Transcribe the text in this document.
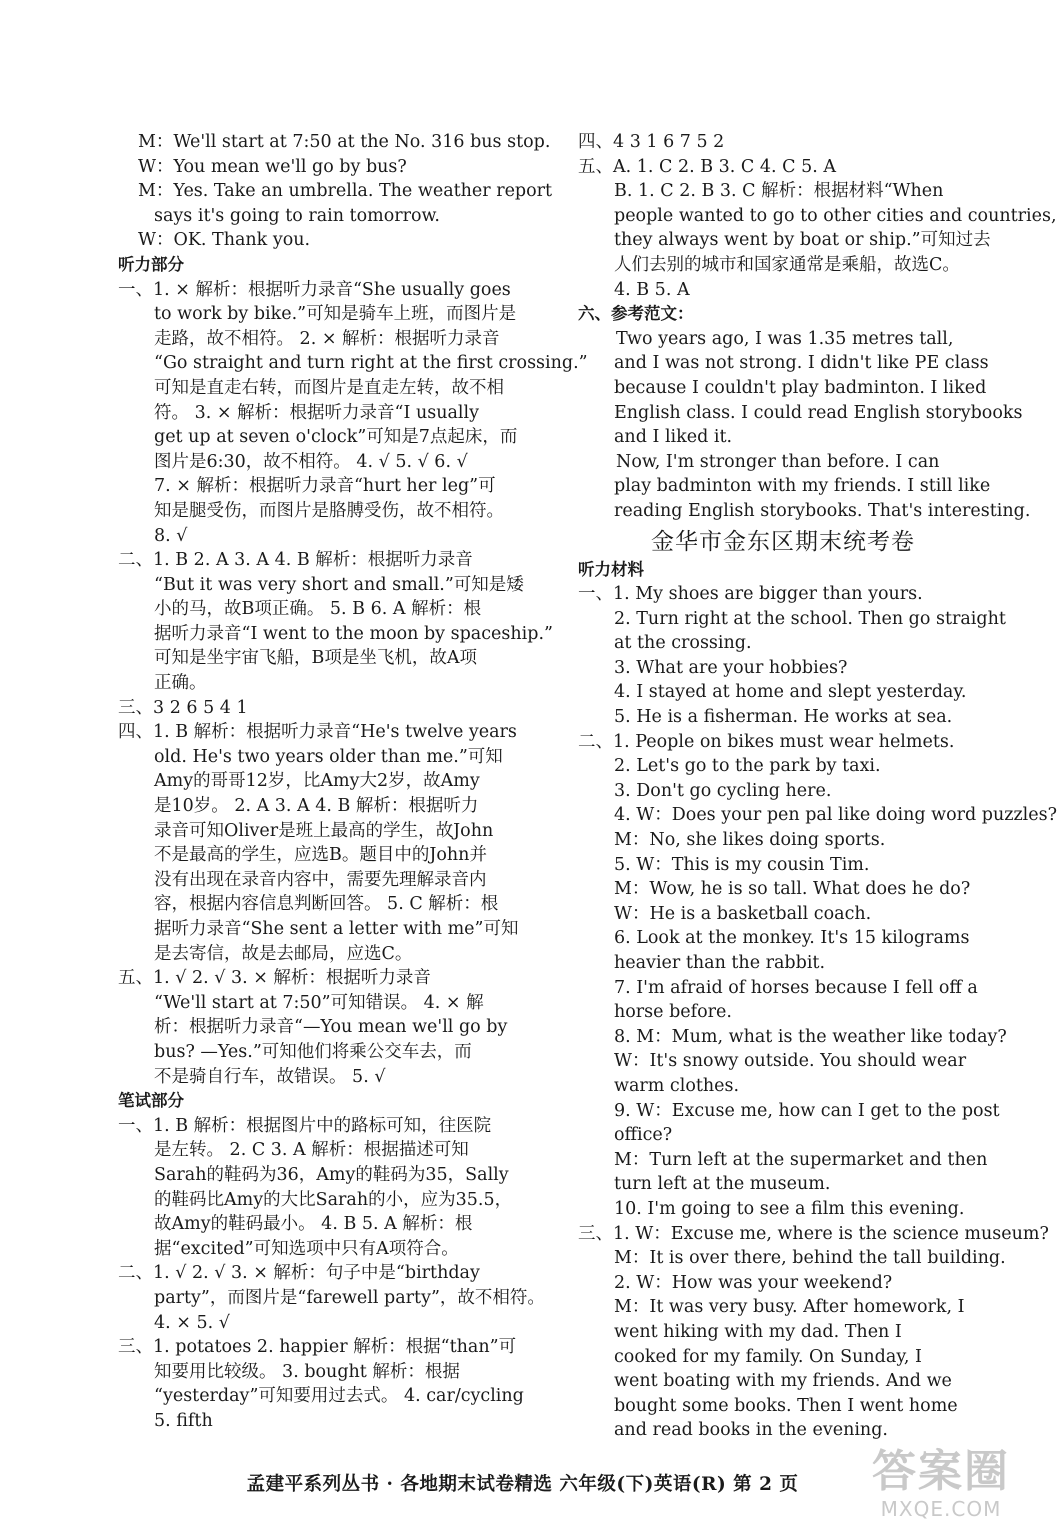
M：We'll start at 7:50 at the No. 316 bus stop.
W：You mean we'll go by bus?
M：Yes. Take an umbrella. The weather report
says it's going to rain tomorrow.
W：OK. Thank you.
听力部分
一、1. × 解析：根据听力录音“She usually goes
to work by bike.”可知是骑车上班，而图片是
走路，故不相符。 2. × 解析：根据听力录音
“Go straight and turn right at the first crossing.”
可知是直走右转，而图片是直走左转，故不相
符。 3. × 解析：根据听力录音“I usually
get up at seven o'clock”可知是7点起床，而
图片是6:30，故不相符。 4. √ 5. √ 6. √
7. × 解析：根据听力录音“hurt her leg”可
知是腿受伤，而图片是胳膊受伤，故不相符。
8. √
二、1. B 2. A 3. A 4. B 解析：根据听力录音
“But it was very short and small.”可知是矮
小的马，故B项正确。 5. B 6. A 解析：根
据听力录音“I went to the moon by spaceship.”
可知是坐宇宙飞船，B项是坐飞机，故A项
正确。
三、3 2 6 5 4 1
四、1. B 解析：根据听力录音“He's twelve years
old. He's two years older than me.”可知
Amy的哥哥12岁，比Amy大2岁，故Amy
是10岁。 2. A 3. A 4. B 解析：根据听力
录音可知Oliver是班上最高的学生，故John
不是最高的学生，应选B。题目中的John并
没有出现在录音内容中，需要先理解录音内
容，根据内容信息判断回答。 5. C 解析：根
据听力录音“She sent a letter with me”可知
是去寄信，故是去邮局，应选C。
五、1. √ 2. √ 3. × 解析：根据听力录音
“We'll start at 7:50”可知错误。 4. × 解
析：根据听力录音“—You mean we'll go by
bus? —Yes.”可知他们将乘公交车去，而
不是骑自行车，故错误。 5. √
笔试部分
一、1. B 解析：根据图片中的路标可知，往医院
是左转。 2. C 3. A 解析：根据描述可知
Sarah的鞋码为36，Amy的鞋码为35，Sally
的鞋码比Amy的大比Sarah的小，应为35.5，
故Amy的鞋码最小。 4. B 5. A 解析：根
据“excited”可知选项中只有A项符合。
二、1. √ 2. √ 3. × 解析：句子中是“birthday
party”，而图片是“farewell party”，故不相符。
4. × 5. √
三、1. potatoes 2. happier 解析：根据“than”可
知要用比较级。 3. bought 解析：根据
“yesterday”可知要用过去式。 4. car/cycling
5. fifth
四、4 3 1 6 7 5 2
五、A. 1. C 2. B 3. C 4. C 5. A
B. 1. C 2. B 3. C 解析：根据材料“When
people wanted to go to other cities and countries,
they always went by boat or ship.”可知过去
人们去别的城市和国家通常是乘船，故选C。
4. B 5. A
六、参考范文：
Two years ago, I was 1.35 metres tall,
and I was not strong. I didn't like PE class
because I couldn't play badminton. I liked
English class. I could read English storybooks
and I liked it.
Now, I'm stronger than before. I can
play badminton with my friends. I still like
reading English storybooks. That's interesting.
金华市金东区期末统考卷
听力材料
一、1. My shoes are bigger than yours.
2. Turn right at the school. Then go straight
at the crossing.
3. What are your hobbies?
4. I stayed at home and slept yesterday.
5. He is a fisherman. He works at sea.
二、1. People on bikes must wear helmets.
2. Let's go to the park by taxi.
3. Don't go cycling here.
4. W：Does your pen pal like doing word puzzles?
M：No, she likes doing sports.
5. W：This is my cousin Tim.
M：Wow, he is so tall. What does he do?
W：He is a basketball coach.
6. Look at the monkey. It's 15 kilograms
heavier than the rabbit.
7. I'm afraid of horses because I fell off a
horse before.
8. M：Mum, what is the weather like today?
W：It's snowy outside. You should wear
warm clothes.
9. W：Excuse me, how can I get to the post
office?
M：Turn left at the supermarket and then
turn left at the museum.
10. I'm going to see a film this evening.
三、1. W：Excuse me, where is the science museum?
M：It is over there, behind the tall building.
2. W：How was your weekend?
M：It was very busy. After homework, I
went hiking with my dad. Then I
cooked for my family. On Sunday, I
went boating with my friends. And we
bought some books. Then I went home
and read books in the evening.
孟建平系列丛书 · 各地期末试卷精选 六年级(下)英语(R) 第 2 页	答案圈
MXQE.COM
